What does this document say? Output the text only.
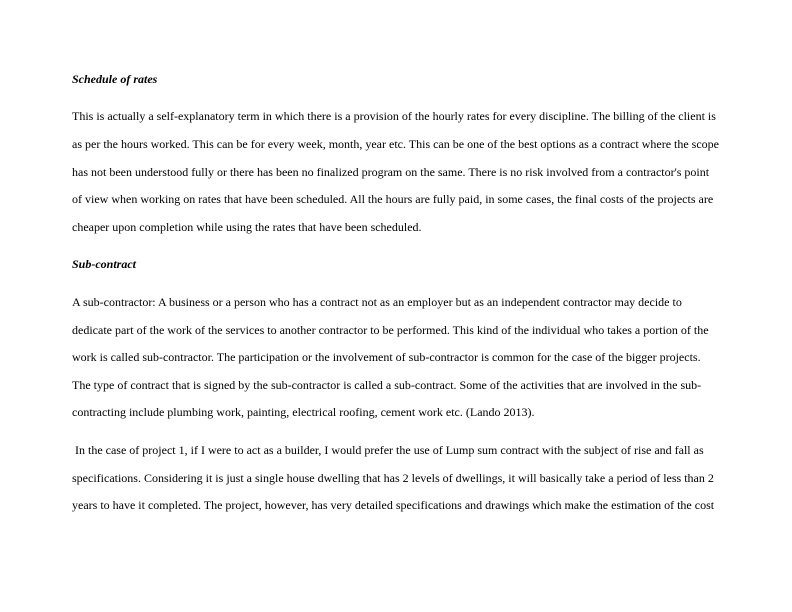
Schedule of rates
This is actually a self-explanatory term in which there is a provision of the hourly rates for every discipline. The billing of the client is
as per the hours worked. This can be for every week, month, year etc. This can be one of the best options as a contract where the scope
has not been understood fully or there has been no finalized program on the same. There is no risk involved from a contractor's point
of view when working on rates that have been scheduled. All the hours are fully paid, in some cases, the final costs of the projects are
cheaper upon completion while using the rates that have been scheduled.
Sub-contract
A sub-contractor: A business or a person who has a contract not as an employer but as an independent contractor may decide to
dedicate part of the work of the services to another contractor to be performed. This kind of the individual who takes a portion of the
work is called sub-contractor. The participation or the involvement of sub-contractor is common for the case of the bigger projects.
The type of contract that is signed by the sub-contractor is called a sub-contract. Some of the activities that are involved in the sub-
contracting include plumbing work, painting, electrical roofing, cement work etc. (Lando 2013).
In the case of project 1, if I were to act as a builder, I would prefer the use of Lump sum contract with the subject of rise and fall as
specifications. Considering it is just a single house dwelling that has 2 levels of dwellings, it will basically take a period of less than 2
years to have it completed. The project, however, has very detailed specifications and drawings which make the estimation of the cost
